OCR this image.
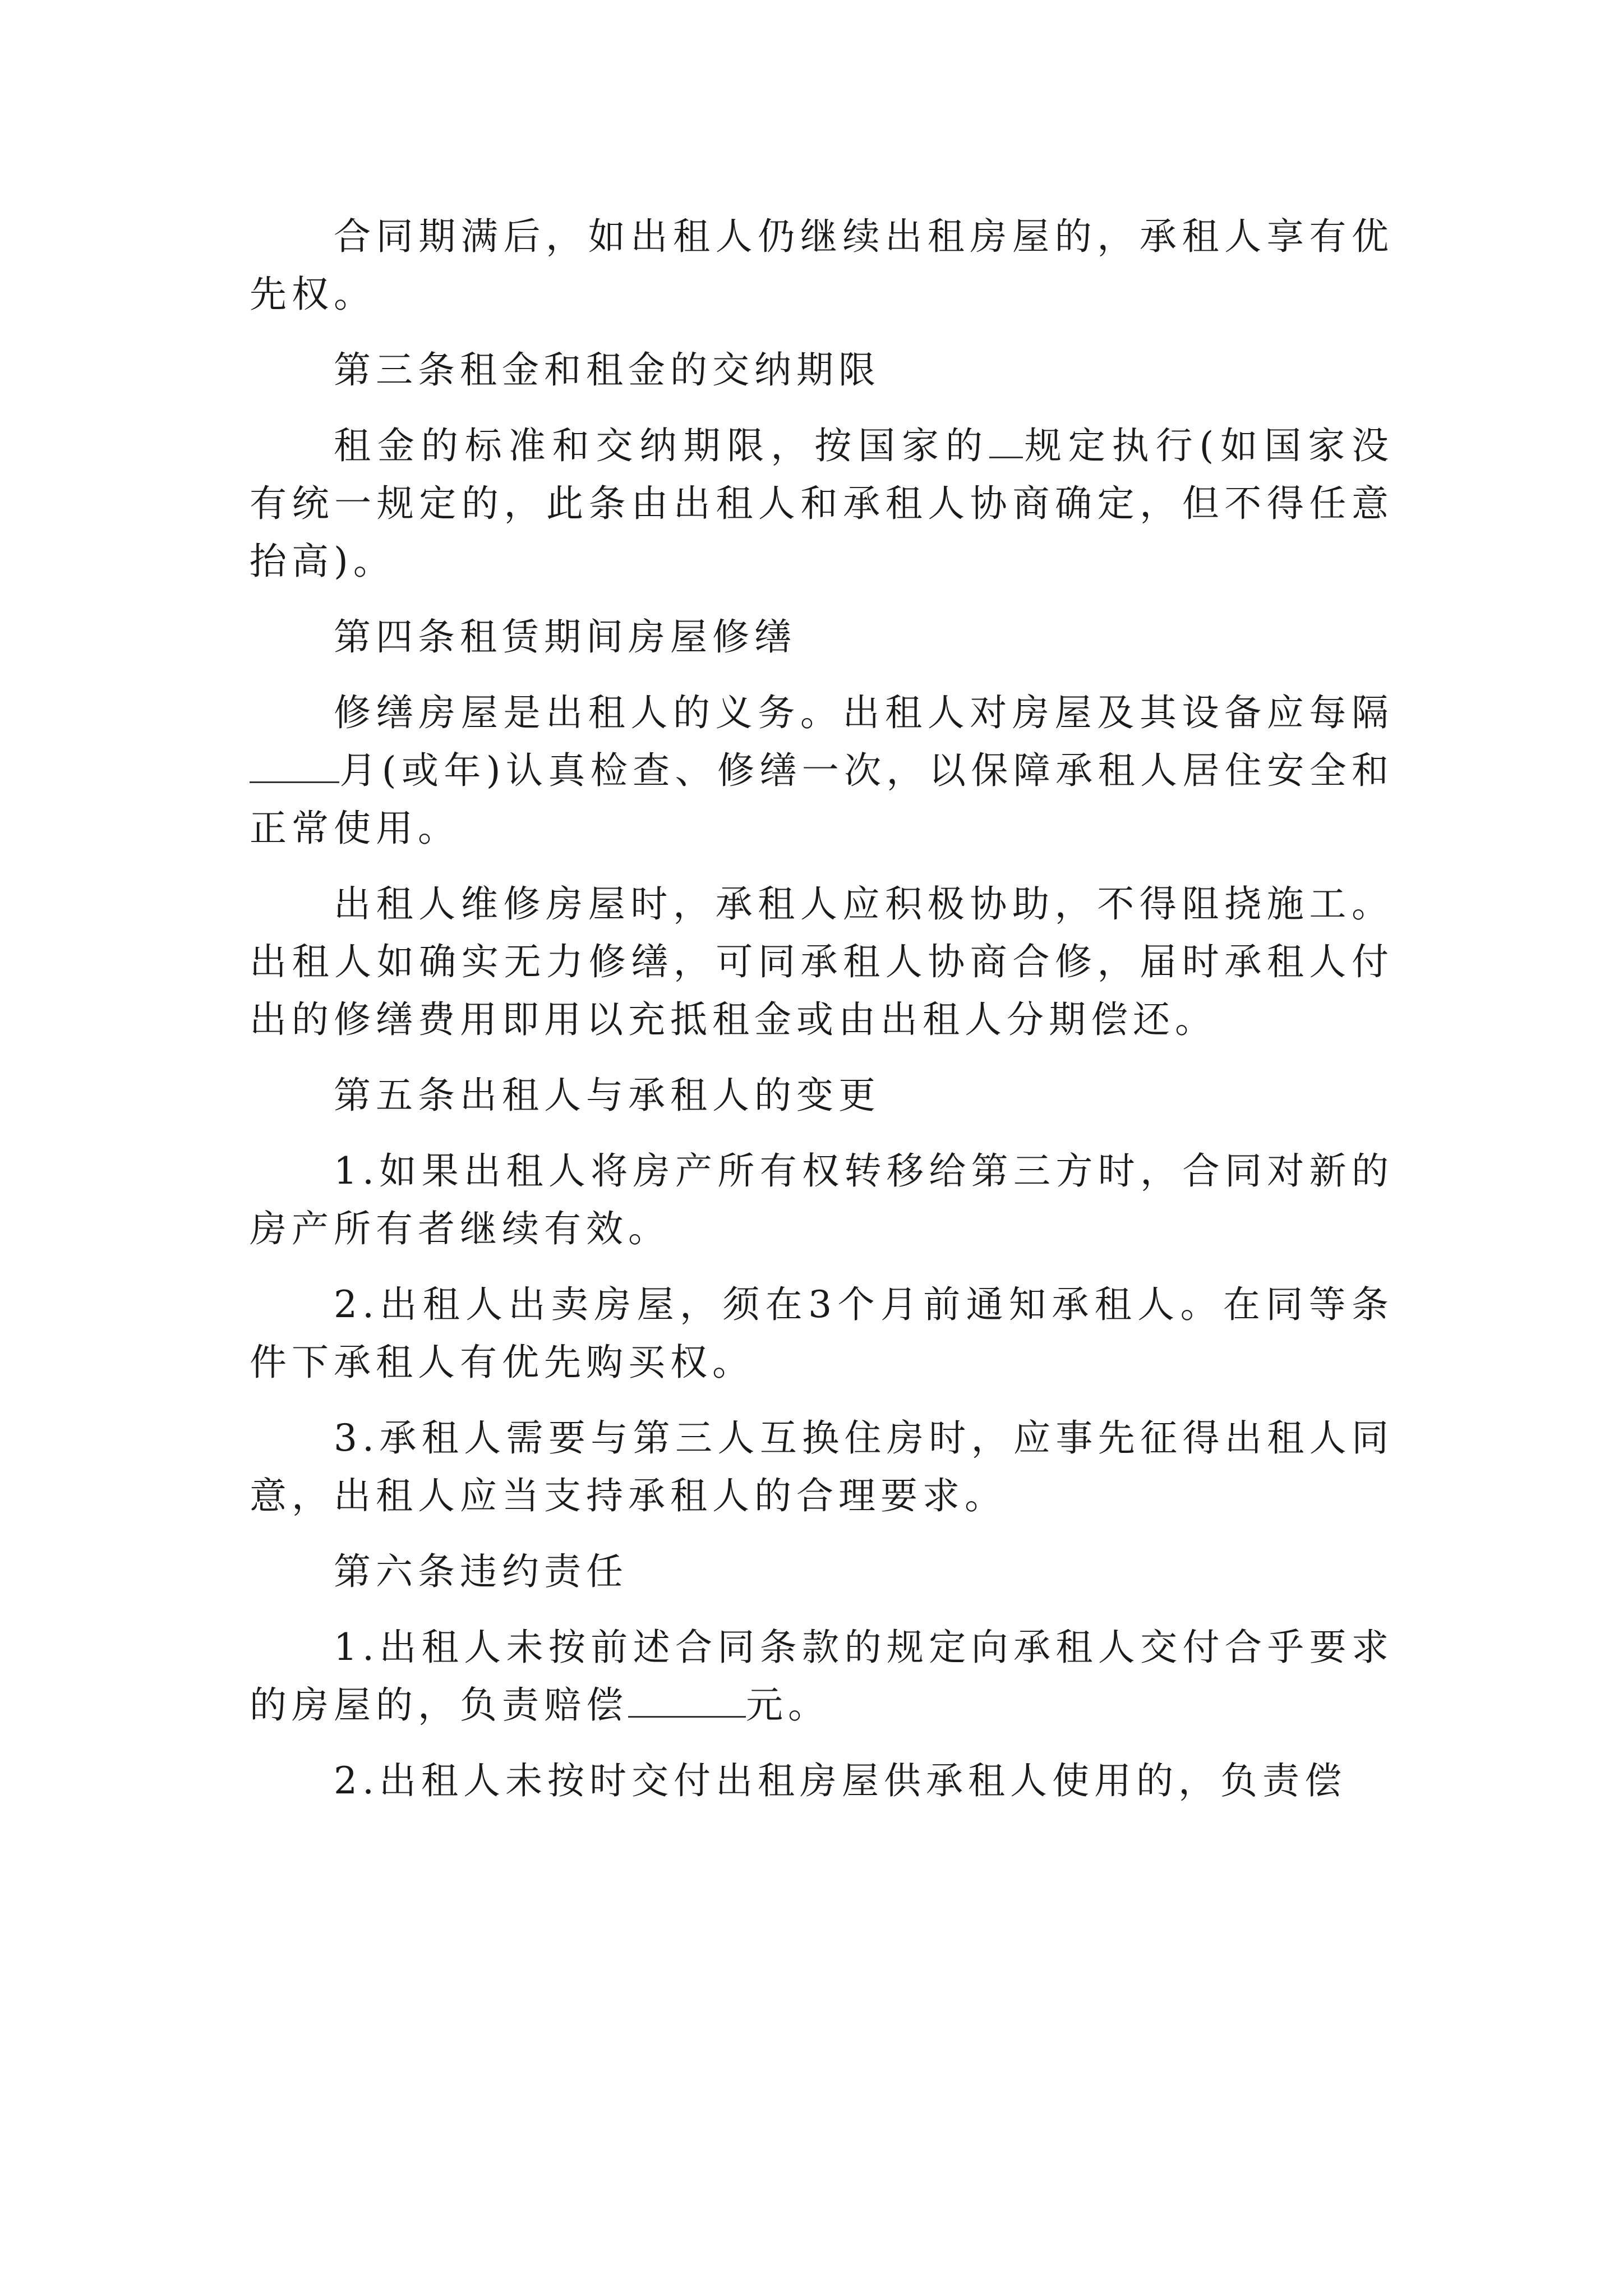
合同期满后，如出租人仍继续出租房屋的，承租人享有优先权。

第三条租金和租金的交纳期限

租金的标准和交纳期限，按国家的 规定执行(如国家没有统一规定的，此条由出租人和承租人协商确定，但不得任意抬高)。

第四条租赁期间房屋修缮

修缮房屋是出租人的义务。出租人对房屋及其设备应每隔月(或年)认真检查、修缮一次，以保障承租人居住安全和正常使用。

出租人维修房屋时，承租人应积极协助，不得阻挠施工。出租人如确实无力修缮，可同承租人协商合修，届时承租人付出的修缮费用即用以充抵租金或由出租人分期偿还。

第五条出租人与承租人的变更

1.如果出租人将房产所有权转移给第三方时，合同对新的房产所有者继续有效。

2.出租人出卖房屋，须在3个月前通知承租人。在同等条件下承租人有优先购买权。

3.承租人需要与第三人互换住房时，应事先征得出租人同意，出租人应当支持承租人的合理要求。

第六条违约责任

1.出租人未按前述合同条款的规定向承租人交付合乎要求的房屋的，负责赔偿	元。

2.出租人未按时交付出租房屋供承租人使用的，负责偿
